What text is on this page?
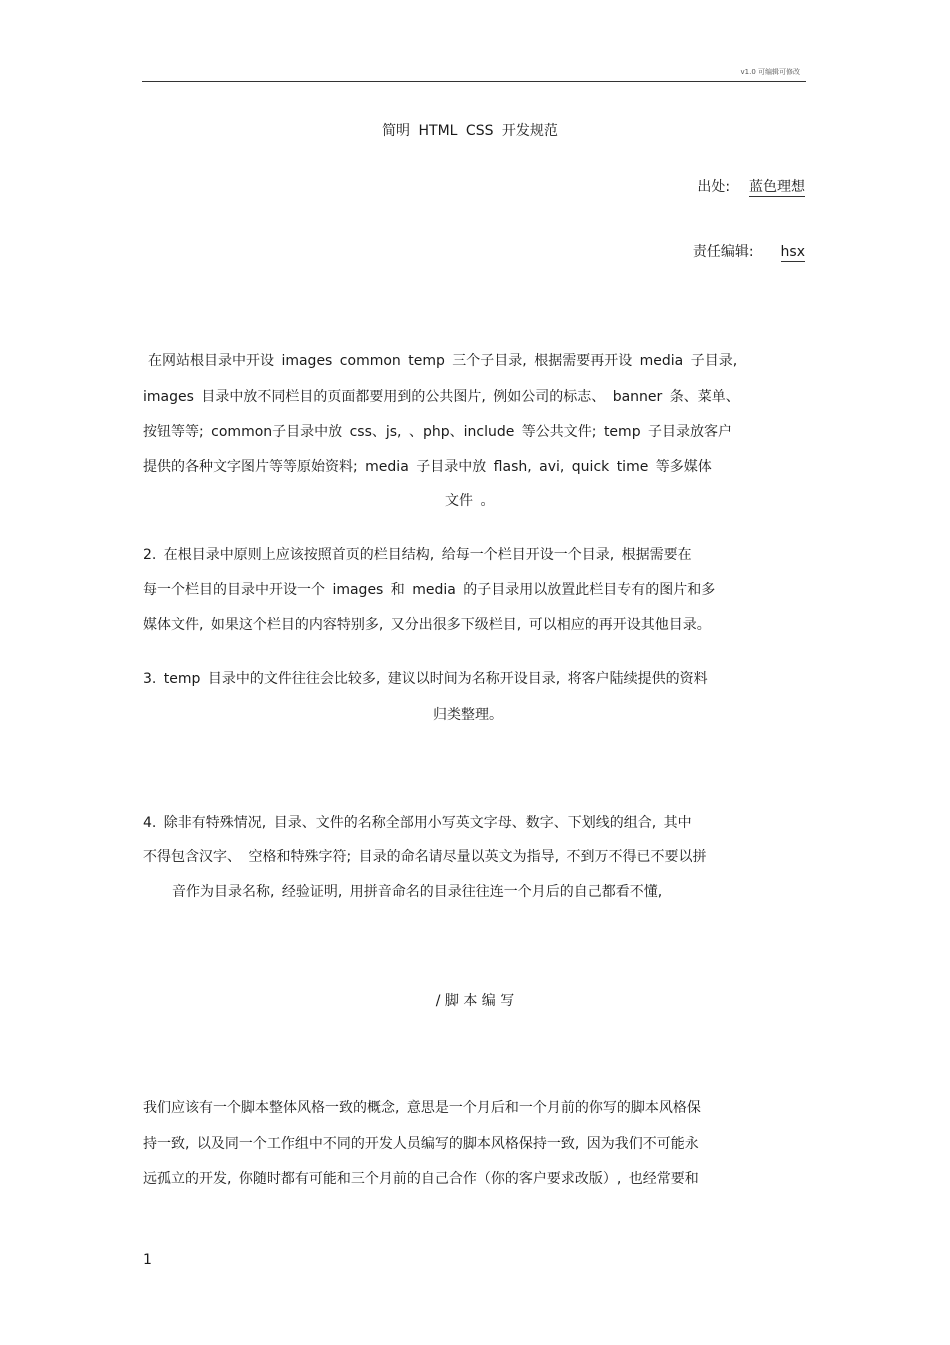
v1.0 可编辑可修改
简明 HTML CSS 开发规范
出处: 蓝色理想
责任编辑: hsx
在网站根目录中开设 images common temp 三个子目录, 根据需要再开设 media 子目录,
images 目录中放不同栏目的页面都要用到的公共图片, 例如公司的标志、 banner 条、菜单、
按钮等等; common子目录中放 css、js, 、php、include 等公共文件; temp 子目录放客户
提供的各种文字图片等等原始资料; media 子目录中放 flash, avi, quick time 等多媒体
文件 。
2. 在根目录中原则上应该按照首页的栏目结构, 给每一个栏目开设一个目录, 根据需要在
每一个栏目的目录中开设一个 images 和 media 的子目录用以放置此栏目专有的图片和多
媒体文件, 如果这个栏目的内容特别多, 又分出很多下级栏目, 可以相应的再开设其他目录。
3. temp 目录中的文件往往会比较多, 建议以时间为名称开设目录, 将客户陆续提供的资料
归类整理。
4. 除非有特殊情况, 目录、文件的名称全部用小写英文字母、数字、下划线的组合, 其中
不得包含汉字、 空格和特殊字符; 目录的命名请尽量以英文为指导, 不到万不得已不要以拼
音作为目录名称, 经验证明, 用拼音命名的目录往往连一个月后的自己都看不懂,
/ 脚 本 编 写
我们应该有一个脚本整体风格一致的概念, 意思是一个月后和一个月前的你写的脚本风格保
持一致, 以及同一个工作组中不同的开发人员编写的脚本风格保持一致, 因为我们不可能永
远孤立的开发, 你随时都有可能和三个月前的自己合作（你的客户要求改版）, 也经常要和
1
